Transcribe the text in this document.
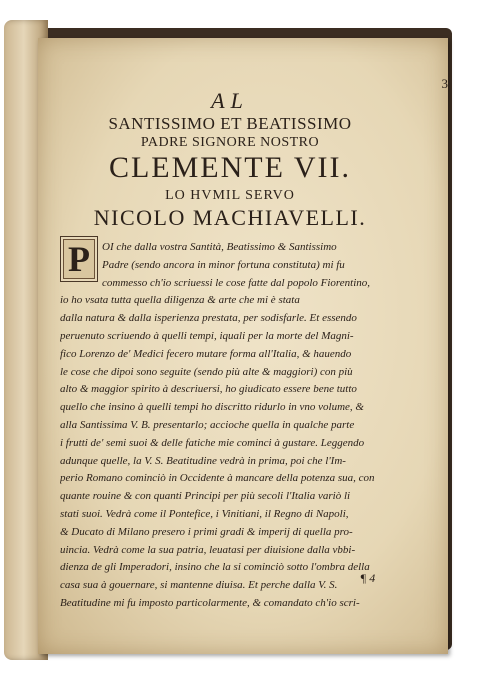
3

AL

SANTISSIMO ET BEATISSIMO

PADRE SIGNORE NOSTRO

CLEMENTE VII.

LO HVMIL SERVO

NICOLO MACHIAVELLI.

P	OI che dalla vostra Santità, Beatissimo & Santissimo

Padre (sendo ancora in minor fortuna constituta) mi fu

commesso ch'io scriuessi le cose fatte dal popolo Fiorentino,

io ho vsata tutta quella diligenza & arte che mi è stata

dalla natura & dalla isperienza prestata, per sodisfarle. Et essendo

peruenuto scriuendo à quelli tempi, iquali per la morte del Magni-

fico Lorenzo de' Medici fecero mutare forma all'Italia, & hauendo

le cose che dipoi sono seguite (sendo più alte & maggiori) con più

alto & maggior spirito à descriuersi, ho giudicato essere bene tutto

quello che insino à quelli tempi ho discritto ridurlo in vno volume, &

alla Santissima V. B. presentarlo; accioche quella in qualche parte

i frutti de' semi suoi & delle fatiche mie cominci à gustare. Leggendo

adunque quelle, la V. S. Beatitudine vedrà in prima, poi che l'Im-

perio Romano cominciò in Occidente à mancare della potenza sua, con

quante rouine & con quanti Principi per più secoli l'Italia variò li

stati suoi. Vedrà come il Pontefice, i Vinitiani, il Regno di Napoli,

& Ducato di Milano presero i primi gradi & imperij di quella pro-

uincia. Vedrà come la sua patria, leuatasi per diuisione dalla vbbi-

dienza de gli Imperadori, insino che la si cominciò sotto l'ombra della

casa sua à gouernare, si mantenne diuisa. Et perche dalla V. S.

Beatitudine mi fu imposto particolarmente, & comandato ch'io scri-

¶ 4
